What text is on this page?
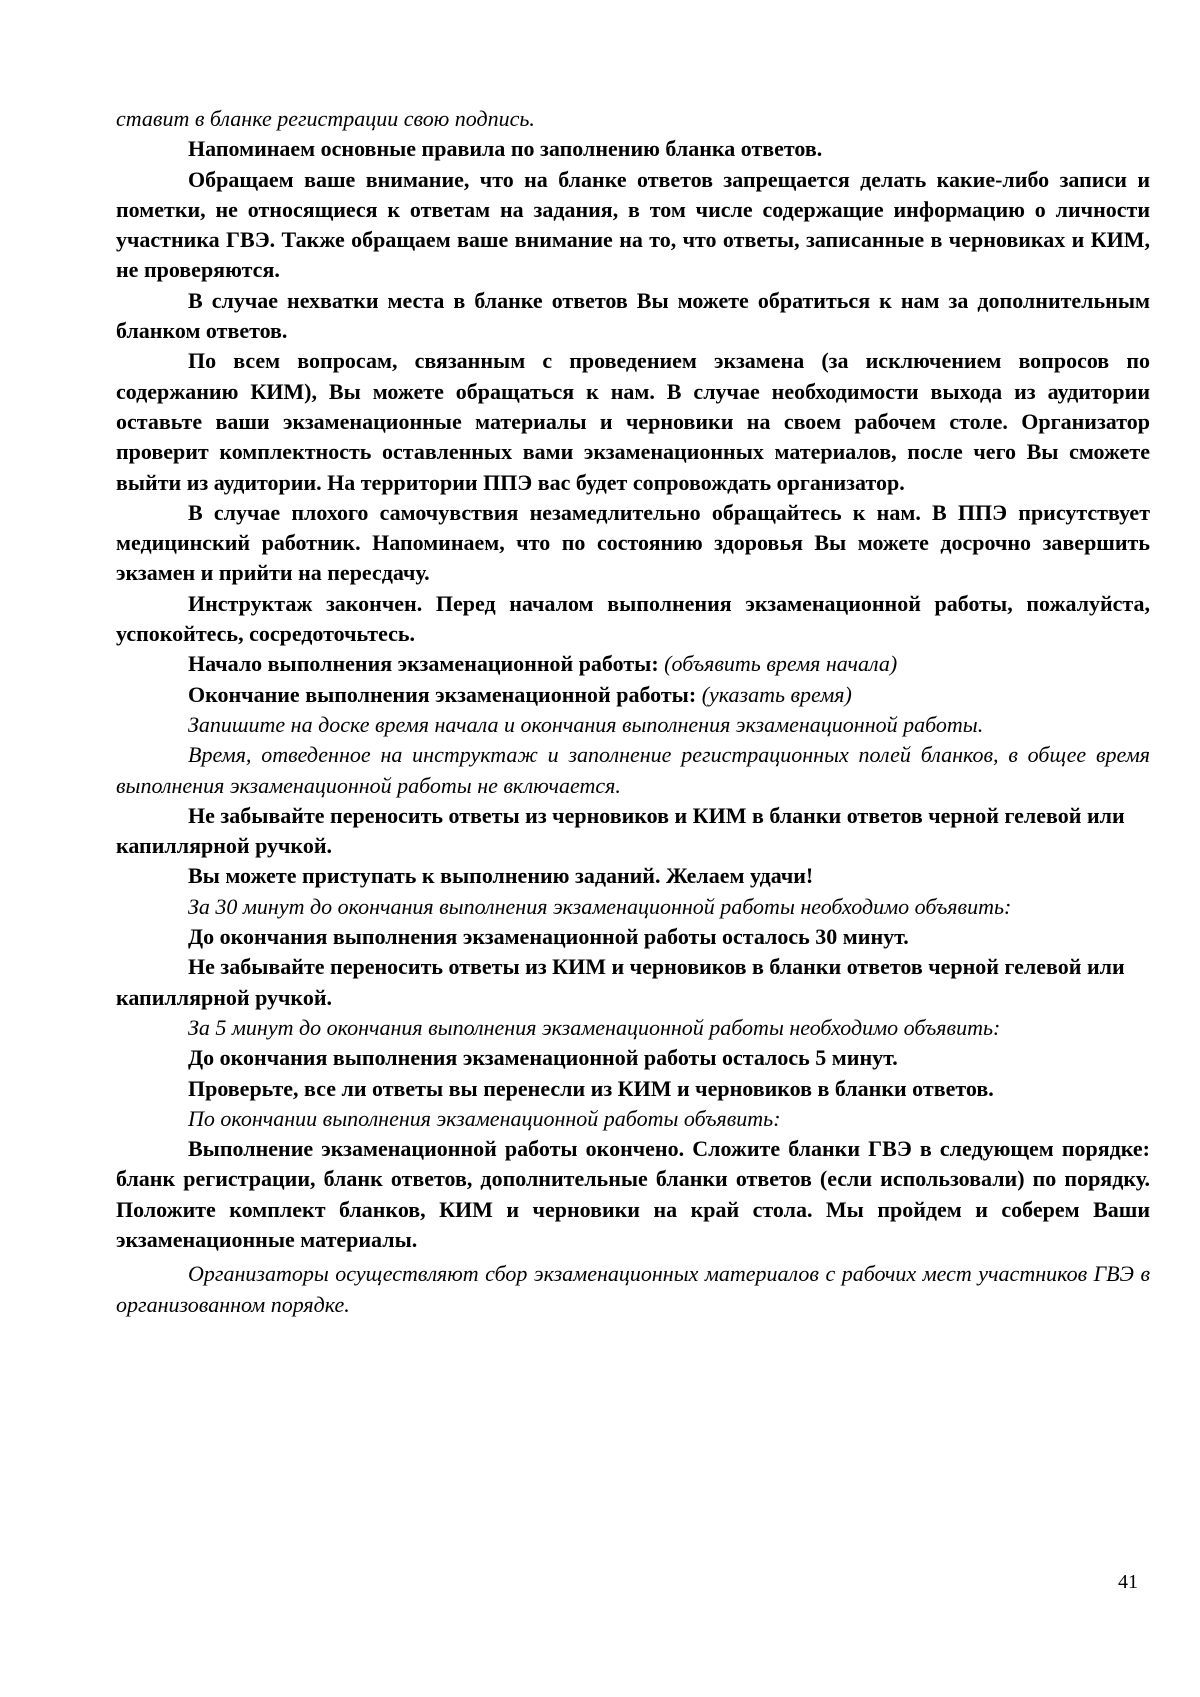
ставит в бланке регистрации свою подпись.

Напоминаем основные правила по заполнению бланка ответов.

Обращаем ваше внимание, что на бланке ответов запрещается делать какие-либо записи и пометки, не относящиеся к ответам на задания, в том числе содержащие информацию о личности участника ГВЭ. Также обращаем ваше внимание на то, что ответы, записанные в черновиках и КИМ, не проверяются.

В случае нехватки места в бланке ответов Вы можете обратиться к нам за дополнительным бланком ответов.

По всем вопросам, связанным с проведением экзамена (за исключением вопросов по содержанию КИМ), Вы можете обращаться к нам. В случае необходимости выхода из аудитории оставьте ваши экзаменационные материалы и черновики на своем рабочем столе. Организатор проверит комплектность оставленных вами экзаменационных материалов, после чего Вы сможете выйти из аудитории. На территории ППЭ вас будет сопровождать организатор.

В случае плохого самочувствия незамедлительно обращайтесь к нам. В ППЭ присутствует медицинский работник. Напоминаем, что по состоянию здоровья Вы можете досрочно завершить экзамен и прийти на пересдачу.

Инструктаж закончен. Перед началом выполнения экзаменационной работы, пожалуйста, успокойтесь, сосредоточьтесь.

Начало выполнения экзаменационной работы: (объявить время начала)

Окончание выполнения экзаменационной работы: (указать время)

Запишите на доске время начала и окончания выполнения экзаменационной работы.

Время, отведенное на инструктаж и заполнение регистрационных полей бланков, в общее время выполнения экзаменационной работы не включается.

Не забывайте переносить ответы из черновиков и КИМ в бланки ответов черной гелевой или капиллярной ручкой.

Вы можете приступать к выполнению заданий. Желаем удачи!

За 30 минут до окончания выполнения экзаменационной работы необходимо объявить:

До окончания выполнения экзаменационной работы осталось 30 минут.

Не забывайте переносить ответы из КИМ и черновиков в бланки ответов черной гелевой или капиллярной ручкой.

За 5 минут до окончания выполнения экзаменационной работы необходимо объявить:

До окончания выполнения экзаменационной работы осталось 5 минут.

Проверьте, все ли ответы вы перенесли из КИМ и черновиков в бланки ответов.

По окончании выполнения экзаменационной работы объявить:

Выполнение экзаменационной работы окончено. Сложите бланки ГВЭ в следующем порядке: бланк регистрации, бланк ответов, дополнительные бланки ответов (если использовали) по порядку. Положите комплект бланков, КИМ и черновики на край стола. Мы пройдем и соберем Ваши экзаменационные материалы.

Организаторы осуществляют сбор экзаменационных материалов с рабочих мест участников ГВЭ в организованном порядке.

41
